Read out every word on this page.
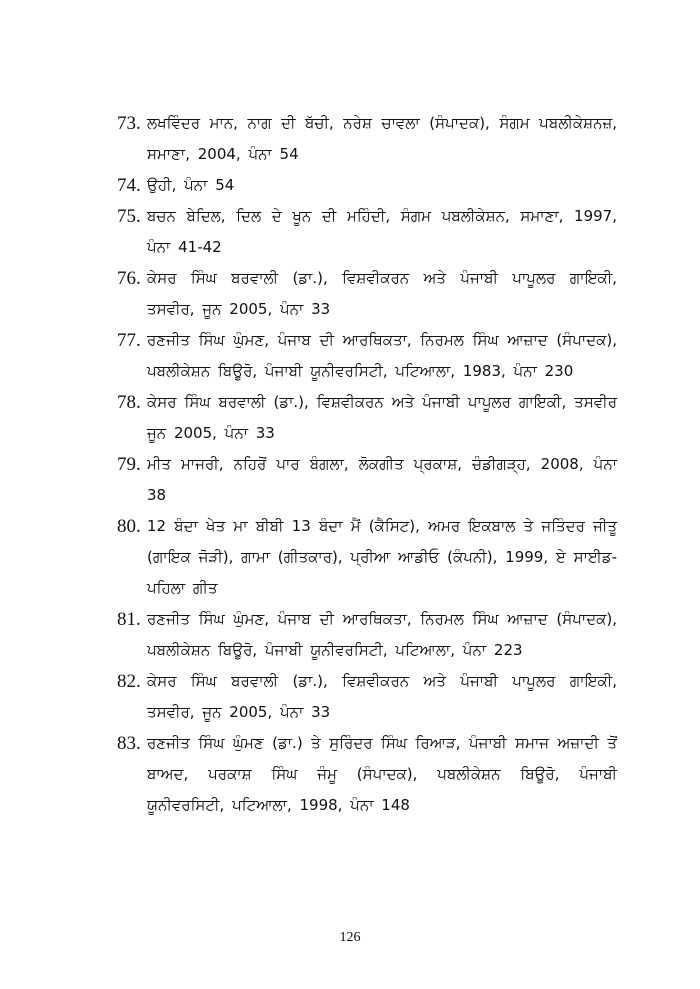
73. ਲਖਵਿੰਦਰ ਮਾਨ, ਨਾਗ ਦੀ ਬੱਚੀ, ਨਰੇਸ਼ ਚਾਵਲਾ (ਸੰਪਾਦਕ), ਸੰਗਮ ਪਬਲੀਕੇਸ਼ਨਜ਼, ਸਮਾਣਾ, 2004, ਪੰਨਾ 54
74. ਉਹੀ, ਪੰਨਾ 54
75. ਬਚਨ ਬੇਦਿਲ, ਦਿਲ ਦੇ ਖੂਨ ਦੀ ਮਹਿੰਦੀ, ਸੰਗਮ ਪਬਲੀਕੇਸ਼ਨ, ਸਮਾਣਾ, 1997, ਪੰਨਾ 41-42
76. ਕੇਸਰ ਸਿੰਘ ਬਰਵਾਲੀ (ਡਾ.), ਵਿਸ਼ਵੀਕਰਨ ਅਤੇ ਪੰਜਾਬੀ ਪਾਪੂਲਰ ਗਾਇਕੀ, ਤਸਵੀਰ, ਜੂਨ 2005, ਪੰਨਾ 33
77. ਰਣਜੀਤ ਸਿੰਘ ਘੁੰਮਣ, ਪੰਜਾਬ ਦੀ ਆਰਥਿਕਤਾ, ਨਿਰਮਲ ਸਿੰਘ ਆਜ਼ਾਦ (ਸੰਪਾਦਕ), ਪਬਲੀਕੇਸ਼ਨ ਬਿਊਰੋ, ਪੰਜਾਬੀ ਯੂਨੀਵਰਸਿਟੀ, ਪਟਿਆਲਾ, 1983, ਪੰਨਾ 230
78. ਕੇਸਰ ਸਿੰਘ ਬਰਵਾਲੀ (ਡਾ.), ਵਿਸ਼ਵੀਕਰਨ ਅਤੇ ਪੰਜਾਬੀ ਪਾਪੂਲਰ ਗਾਇਕੀ, ਤਸਵੀਰ ਜੂਨ 2005, ਪੰਨਾ 33
79. ਮੀਤ ਮਾਜਰੀ, ਨਹਿਰੋਂ ਪਾਰ ਬੰਗਲਾ, ਲੋਕਗੀਤ ਪ੍ਰਕਾਸ਼, ਚੰਡੀਗੜ੍ਹ, 2008, ਪੰਨਾ 38
80. 12 ਬੰਦਾ ਖੇਤ ਮਾ ਬੀਬੀ 13 ਬੰਦਾ ਮੈਂ (ਕੈਸਿਟ), ਅਮਰ ਇਕਬਾਲ ਤੇ ਜਤਿੰਦਰ ਜੀਤੂ (ਗਾਇਕ ਜੋੜੀ), ਗਾਮਾ (ਗੀਤਕਾਰ), ਪ੍ਰੀਆ ਆਡੀਓ (ਕੰਪਨੀ), 1999, ਏ ਸਾਈਡ-ਪਹਿਲਾ ਗੀਤ
81. ਰਣਜੀਤ ਸਿੰਘ ਘੁੰਮਣ, ਪੰਜਾਬ ਦੀ ਆਰਥਿਕਤਾ, ਨਿਰਮਲ ਸਿੰਘ ਆਜ਼ਾਦ (ਸੰਪਾਦਕ), ਪਬਲੀਕੇਸ਼ਨ ਬਿਊਰੋ, ਪੰਜਾਬੀ ਯੂਨੀਵਰਸਿਟੀ, ਪਟਿਆਲਾ, ਪੰਨਾ 223
82. ਕੇਸਰ ਸਿੰਘ ਬਰਵਾਲੀ (ਡਾ.), ਵਿਸ਼ਵੀਕਰਨ ਅਤੇ ਪੰਜਾਬੀ ਪਾਪੂਲਰ ਗਾਇਕੀ, ਤਸਵੀਰ, ਜੂਨ 2005, ਪੰਨਾ 33
83. ਰਣਜੀਤ ਸਿੰਘ ਘੁੰਮਣ (ਡਾ.) ਤੇ ਸੁਰਿੰਦਰ ਸਿੰਘ ਰਿਆੜ, ਪੰਜਾਬੀ ਸਮਾਜ ਅਜ਼ਾਦੀ ਤੋਂ ਬਾਅਦ, ਪਰਕਾਸ਼ ਸਿੰਘ ਜੰਮੂ (ਸੰਪਾਦਕ), ਪਬਲੀਕੇਸ਼ਨ ਬਿਊਰੋ, ਪੰਜਾਬੀ ਯੂਨੀਵਰਸਿਟੀ, ਪਟਿਆਲਾ, 1998, ਪੰਨਾ 148
126
